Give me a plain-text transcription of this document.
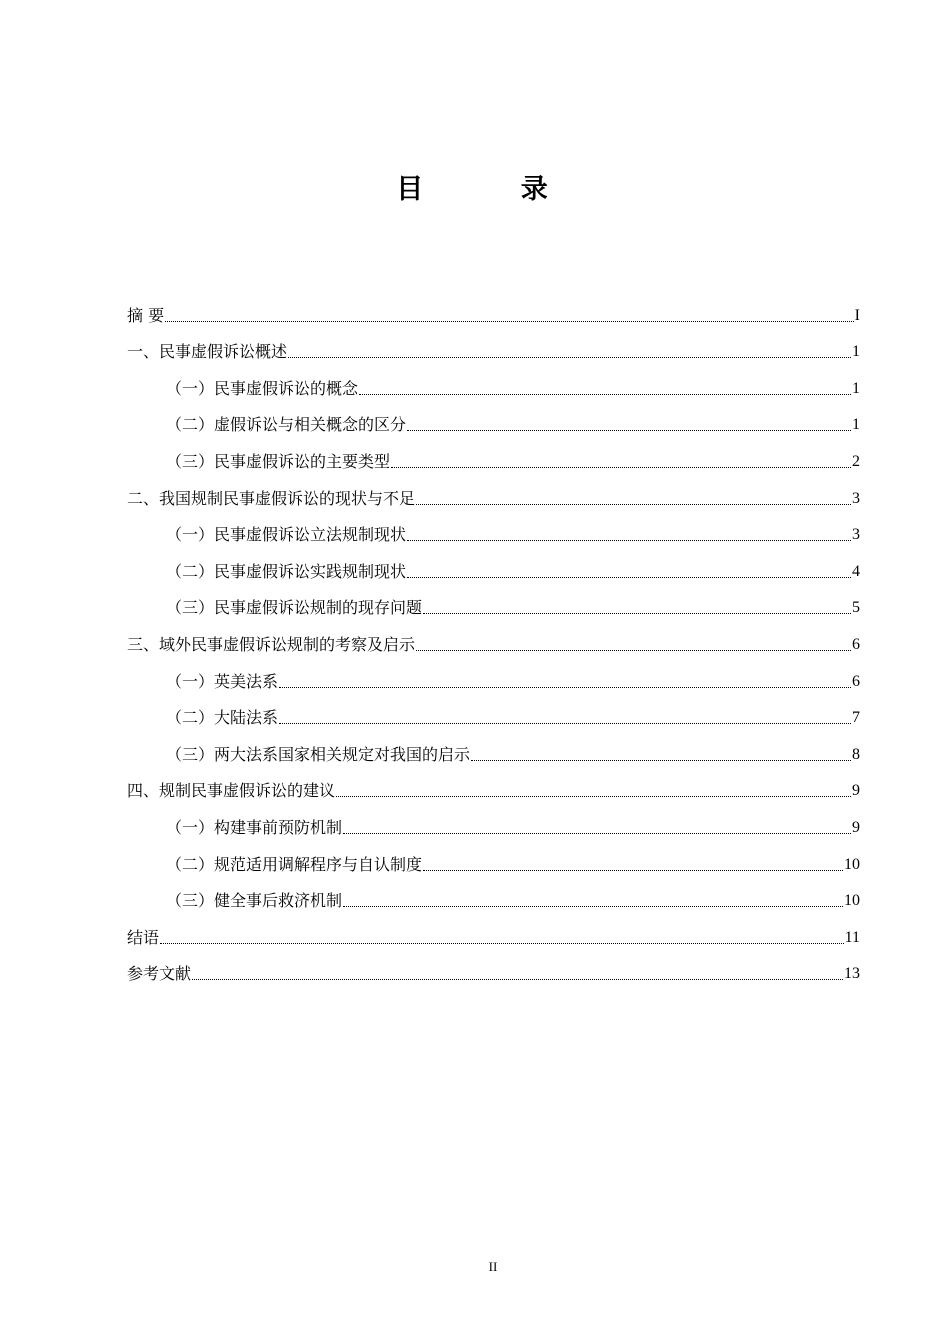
目 录
摘 要	I
一、民事虚假诉讼概述	1
（一）民事虚假诉讼的概念	1
（二）虚假诉讼与相关概念的区分	1
（三）民事虚假诉讼的主要类型	2
二、我国规制民事虚假诉讼的现状与不足	3
（一）民事虚假诉讼立法规制现状	3
（二）民事虚假诉讼实践规制现状	4
（三）民事虚假诉讼规制的现存问题	5
三、域外民事虚假诉讼规制的考察及启示	6
（一）英美法系	6
（二）大陆法系	7
（三）两大法系国家相关规定对我国的启示	8
四、规制民事虚假诉讼的建议	9
（一）构建事前预防机制	9
（二）规范适用调解程序与自认制度	10
（三）健全事后救济机制	10
结语	11
参考文献	13
II
